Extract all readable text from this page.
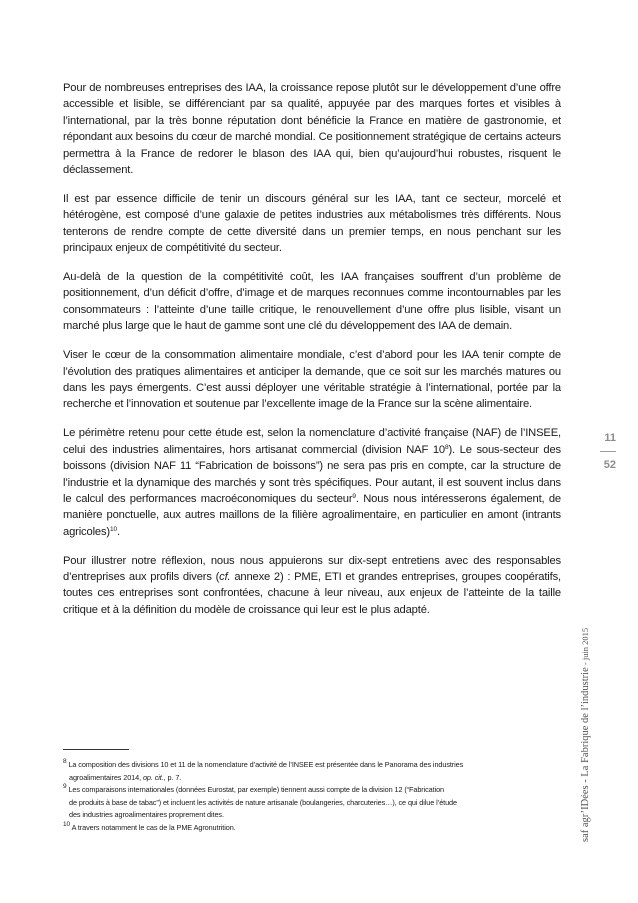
Pour de nombreuses entreprises des IAA, la croissance repose plutôt sur le développement d’une offre accessible et lisible, se différenciant par sa qualité, appuyée par des marques fortes et visibles à l’international, par la très bonne réputation dont bénéficie la France en matière de gastronomie, et répondant aux besoins du cœur de marché mondial. Ce positionnement stratégique de certains acteurs permettra à la France de redorer le blason des IAA qui, bien qu’aujourd’hui robustes, risquent le déclassement.

Il est par essence difficile de tenir un discours général sur les IAA, tant ce secteur, morcelé et hétérogène, est composé d’une galaxie de petites industries aux métabolismes très différents. Nous tenterons de rendre compte de cette diversité dans un premier temps, en nous penchant sur les principaux enjeux de compétitivité du secteur.

Au-delà de la question de la compétitivité coût, les IAA françaises souffrent d’un problème de positionnement, d’un déficit d’offre, d’image et de marques reconnues comme incontournables par les consommateurs : l’atteinte d’une taille critique, le renouvellement d’une offre plus lisible, visant un marché plus large que le haut de gamme sont une clé du développement des IAA de demain.

Viser le cœur de la consommation alimentaire mondiale, c’est d’abord pour les IAA tenir compte de l’évolution des pratiques alimentaires et anticiper la demande, que ce soit sur les marchés matures ou dans les pays émergents. C’est aussi déployer une véritable stratégie à l’international, portée par la recherche et l’innovation et soutenue par l’excellente image de la France sur la scène alimentaire.

Le périmètre retenu pour cette étude est, selon la nomenclature d’activité française (NAF) de l’INSEE, celui des industries alimentaires, hors artisanat commercial (division NAF $10^8$). Le sous-secteur des boissons (division NAF 11 “Fabrication de boissons”) ne sera pas pris en compte, car la structure de l’industrie et la dynamique des marchés y sont très spécifiques. Pour autant, il est souvent inclus dans le calcul des performances macroéconomiques du secteur$^9$. Nous nous intéresserons également, de manière ponctuelle, aux autres maillons de la filière agroalimentaire, en particulier en amont (intrants agricoles)$^{10}$.

Pour illustrer notre réflexion, nous nous appuierons sur dix-sept entretiens avec des responsables d’entreprises aux profils divers (cf. annexe 2) : PME, ETI et grandes entreprises, groupes coopératifs, toutes ces entreprises sont confrontées, chacune à leur niveau, aux enjeux de l’atteinte de la taille critique et à la définition du modèle de croissance qui leur est le plus adapté.

$^8$ La composition des divisions 10 et 11 de la nomenclature d’activité de l’INSEE est présentée dans le Panorama des industries
agroalimentaires 2014, op. cit., p. 7.
$^9$ Les comparaisons internationales (données Eurostat, par exemple) tiennent aussi compte de la division 12 (“Fabrication
de produits à base de tabac”) et incluent les activités de nature artisanale (boulangeries, charcuteries…), ce qui dilue l’étude
des industries agroalimentaires proprement dites.
$^{10}$ A travers notamment le cas de la PME Agronutrition.
11
52
saf agr’IDées - La Fabrique de l’industrie - juin 2015
